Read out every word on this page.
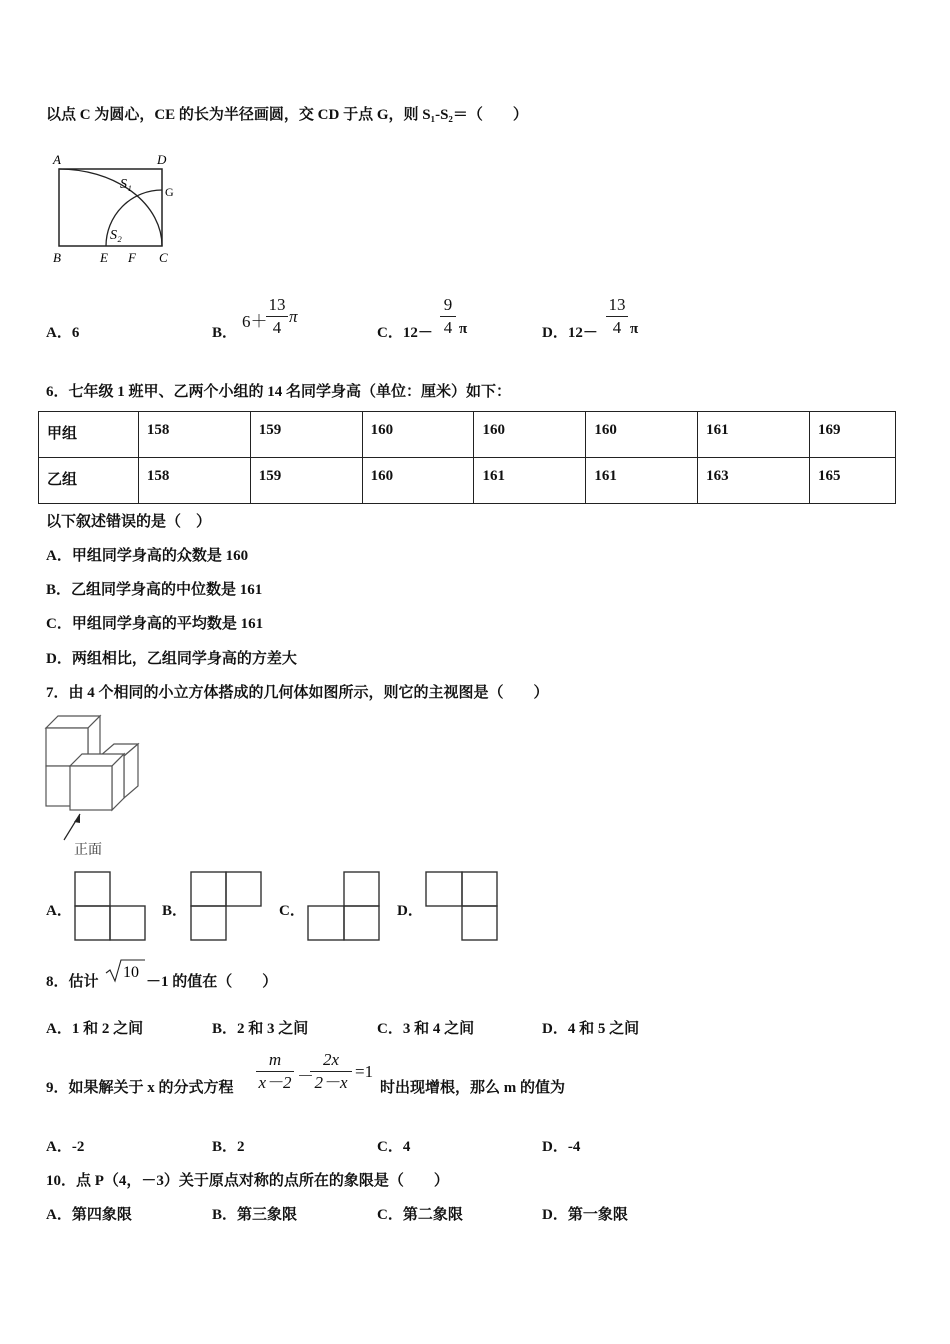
以点 C 为圆心，CE 的长为半径画圆，交 CD 于点 G，则 S₁-S₂＝（　　）
A	D
B	E F C
G
S₁
S₂
A．6	B．
6＋
13
4
π
C．12－
9
4 π	D．12－
13
4 π
6．七年级 1 班甲、乙两个小组的 14 名同学身高（单位：厘米）如下：
甲组	158	159	160	160	160	161	169
乙组	158	159	160	161	161	163	165
以下叙述错误的是（　）
A．甲组同学身高的众数是 160
B．乙组同学身高的中位数是 161
C．甲组同学身高的平均数是 161
D．两组相比，乙组同学身高的方差大
7．由 4 个相同的小立方体搭成的几何体如图所示，则它的主视图是（　　）
正面
A．	B．	C．	D．
8．估计
10
－1 的值在（　　）
A．1 和 2 之间	B．2 和 3 之间	C．3 和 4 之间	D．4 和 5 之间
9．如果解关于 x 的分式方程
m
x－2 －
2x
2－x
=1
时出现增根，那么 m 的值为
A．-2	B．2	C．4	D．-4
10．点 P（4，－3）关于原点对称的点所在的象限是（　　）
A．第四象限	B．第三象限	C．第二象限	D．第一象限
